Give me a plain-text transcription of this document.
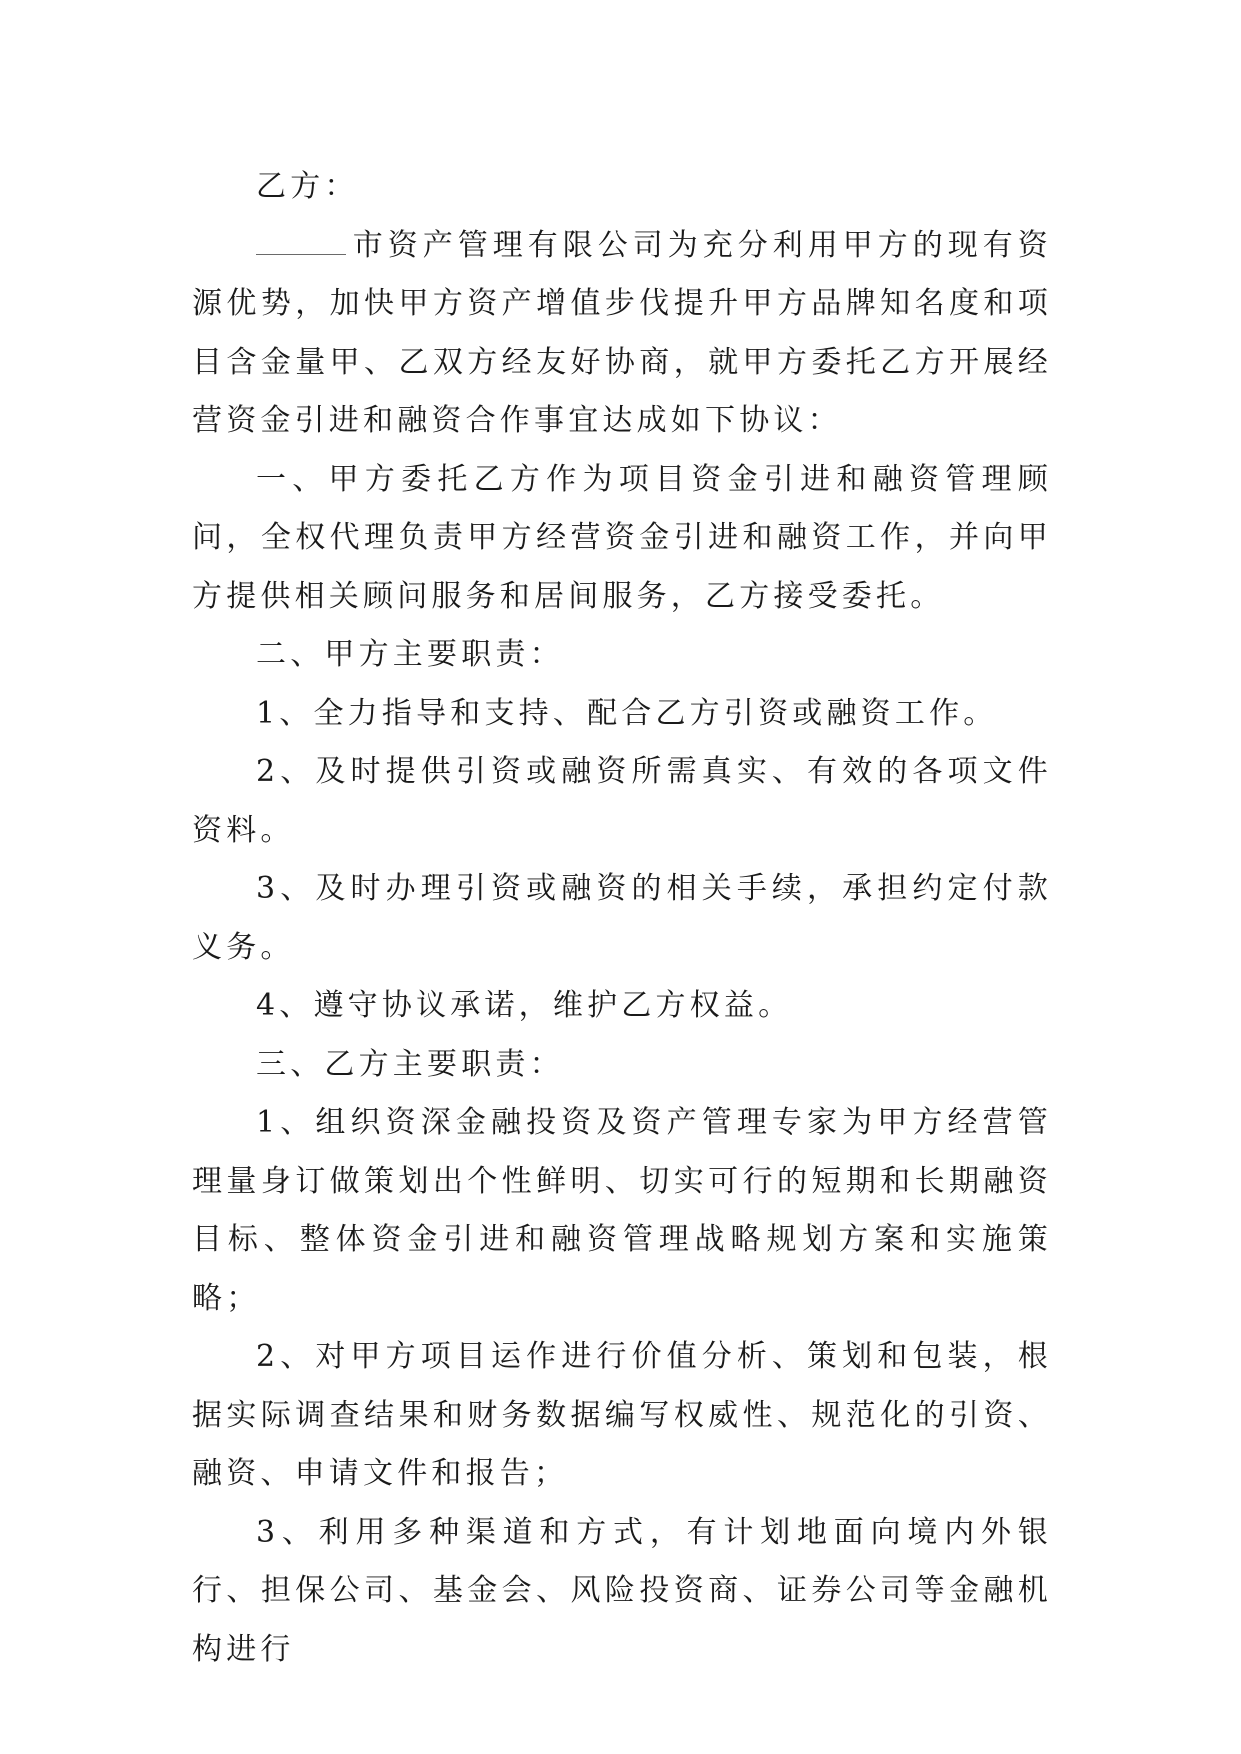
乙方：

市资产管理有限公司为充分利用甲方的现有资源优势，加快甲方资产增值步伐提升甲方品牌知名度和项目含金量甲、乙双方经友好协商，就甲方委托乙方开展经营资金引进和融资合作事宜达成如下协议：

一、甲方委托乙方作为项目资金引进和融资管理顾问，全权代理负责甲方经营资金引进和融资工作，并向甲方提供相关顾问服务和居间服务，乙方接受委托。

二、甲方主要职责：

1、全力指导和支持、配合乙方引资或融资工作。

2、及时提供引资或融资所需真实、有效的各项文件资料。

3、及时办理引资或融资的相关手续，承担约定付款义务。

4、遵守协议承诺，维护乙方权益。

三、乙方主要职责：

1、组织资深金融投资及资产管理专家为甲方经营管理量身订做策划出个性鲜明、切实可行的短期和长期融资目标、整体资金引进和融资管理战略规划方案和实施策略；

2、对甲方项目运作进行价值分析、策划和包装，根据实际调查结果和财务数据编写权威性、规范化的引资、融资、申请文件和报告；

3、利用多种渠道和方式，有计划地面向境内外银行、担保公司、基金会、风险投资商、证券公司等金融机构进行
